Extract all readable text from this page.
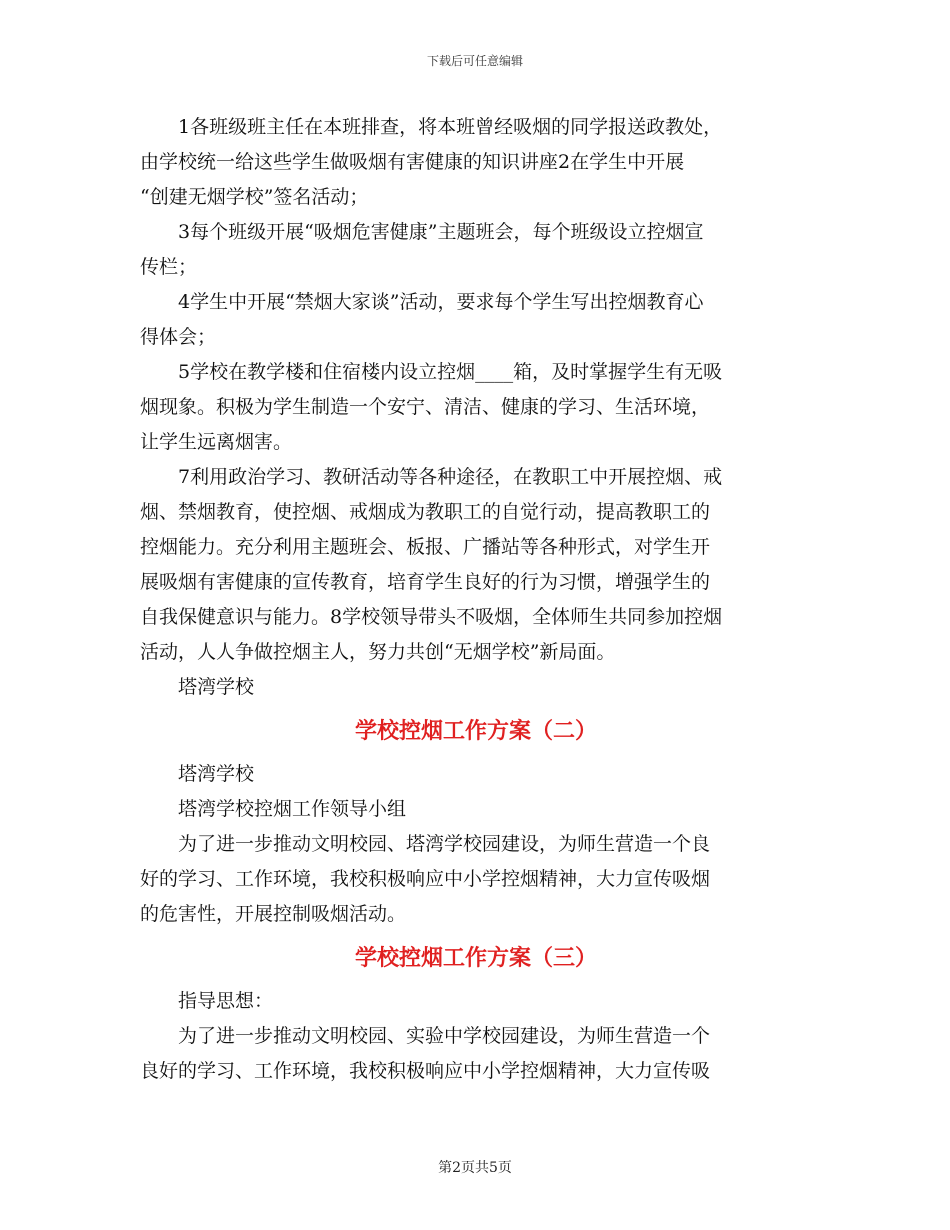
下载后可任意编辑
1各班级班主任在本班排查，将本班曾经吸烟的同学报送政教处，
由学校统一给这些学生做吸烟有害健康的知识讲座2在学生中开展
“创建无烟学校”签名活动；
3每个班级开展“吸烟危害健康”主题班会，每个班级设立控烟宣
传栏；
4学生中开展“禁烟大家谈”活动，要求每个学生写出控烟教育心
得体会；
5学校在教学楼和住宿楼内设立控烟____箱，及时掌握学生有无吸
烟现象。积极为学生制造一个安宁、清洁、健康的学习、生活环境，
让学生远离烟害。
7利用政治学习、教研活动等各种途径，在教职工中开展控烟、戒
烟、禁烟教育，使控烟、戒烟成为教职工的自觉行动，提高教职工的
控烟能力。充分利用主题班会、板报、广播站等各种形式，对学生开
展吸烟有害健康的宣传教育，培育学生良好的行为习惯，增强学生的
自我保健意识与能力。8学校领导带头不吸烟，全体师生共同参加控烟
活动，人人争做控烟主人，努力共创“无烟学校”新局面。
塔湾学校
学校控烟工作方案（二）
塔湾学校
塔湾学校控烟工作领导小组
为了进一步推动文明校园、塔湾学校园建设，为师生营造一个良
好的学习、工作环境，我校积极响应中小学控烟精神，大力宣传吸烟
的危害性，开展控制吸烟活动。
学校控烟工作方案（三）
指导思想：
为了进一步推动文明校园、实验中学校园建设，为师生营造一个
良好的学习、工作环境，我校积极响应中小学控烟精神，大力宣传吸
第2页共5页
